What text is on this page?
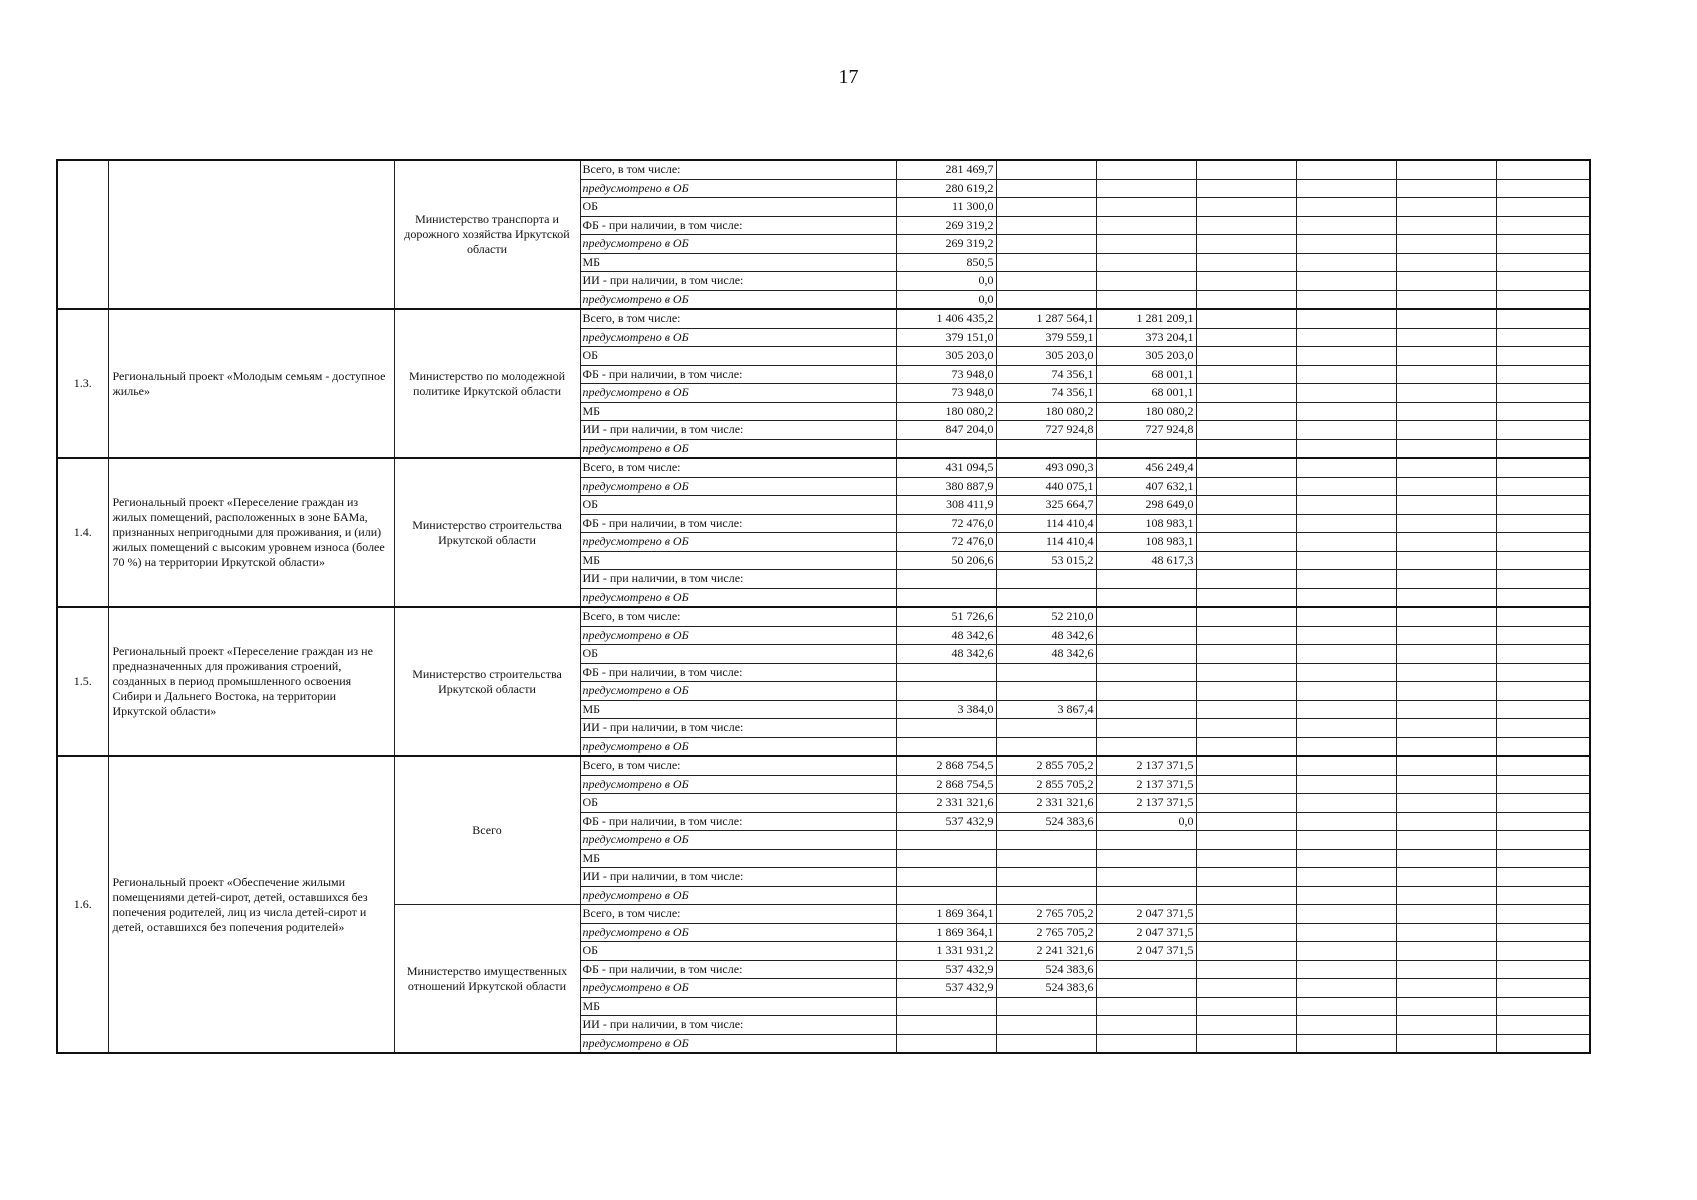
17
		Министерство транспорта и дорожного хозяйства Иркутской области	Всего, в том числе:	281 469,7						
			предусмотрено в ОБ	280 619,2						
			ОБ	11 300,0						
			ФБ - при наличии, в том числе:	269 319,2						
			предусмотрено в ОБ	269 319,2						
			МБ	850,5						
			ИИ - при наличии, в том числе:	0,0						
			предусмотрено в ОБ	0,0						
1.3.	Региональный проект «Молодым семьям - доступное жилье»	Министерство по молодежной политике Иркутской области	Всего, в том числе:	1 406 435,2	1 287 564,1	1 281 209,1				
			предусмотрено в ОБ	379 151,0	379 559,1	373 204,1				
			ОБ	305 203,0	305 203,0	305 203,0				
			ФБ - при наличии, в том числе:	73 948,0	74 356,1	68 001,1				
			предусмотрено в ОБ	73 948,0	74 356,1	68 001,1				
			МБ	180 080,2	180 080,2	180 080,2				
			ИИ - при наличии, в том числе:	847 204,0	727 924,8	727 924,8				
			предусмотрено в ОБ							
1.4.	Региональный проект «Переселение граждан из жилых помещений, расположенных в зоне БАМа, признанных непригодными для проживания, и (или) жилых помещений с высоким уровнем износа (более 70 %) на территории Иркутской области»	Министерство строительства Иркутской области	Всего, в том числе:	431 094,5	493 090,3	456 249,4				
			предусмотрено в ОБ	380 887,9	440 075,1	407 632,1				
			ОБ	308 411,9	325 664,7	298 649,0				
			ФБ - при наличии, в том числе:	72 476,0	114 410,4	108 983,1				
			предусмотрено в ОБ	72 476,0	114 410,4	108 983,1				
			МБ	50 206,6	53 015,2	48 617,3				
			ИИ - при наличии, в том числе:							
			предусмотрено в ОБ							
1.5.	Региональный проект «Переселение граждан из не предназначенных для проживания строений, созданных в период промышленного освоения Сибири и Дальнего Востока, на территории Иркутской области»	Министерство строительства Иркутской области	Всего, в том числе:	51 726,6	52 210,0					
			предусмотрено в ОБ	48 342,6	48 342,6					
			ОБ	48 342,6	48 342,6					
			ФБ - при наличии, в том числе:							
			предусмотрено в ОБ							
			МБ	3 384,0	3 867,4					
			ИИ - при наличии, в том числе:							
			предусмотрено в ОБ							
1.6.	Региональный проект «Обеспечение жилыми помещениями детей-сирот, детей, оставшихся без попечения родителей, лиц из числа детей-сирот и детей, оставшихся без попечения родителей»	Всего	Всего, в том числе:	2 868 754,5	2 855 705,2	2 137 371,5				
			предусмотрено в ОБ	2 868 754,5	2 855 705,2	2 137 371,5				
			ОБ	2 331 321,6	2 331 321,6	2 137 371,5				
			ФБ - при наличии, в том числе:	537 432,9	524 383,6	0,0				
			предусмотрено в ОБ							
			МБ							
			ИИ - при наличии, в том числе:							
			предусмотрено в ОБ							
		Министерство имущественных отношений Иркутской области	Всего, в том числе:	1 869 364,1	2 765 705,2	2 047 371,5				
			предусмотрено в ОБ	1 869 364,1	2 765 705,2	2 047 371,5				
			ОБ	1 331 931,2	2 241 321,6	2 047 371,5				
			ФБ - при наличии, в том числе:	537 432,9	524 383,6					
			предусмотрено в ОБ	537 432,9	524 383,6					
			МБ							
			ИИ - при наличии, в том числе:							
			предусмотрено в ОБ							
